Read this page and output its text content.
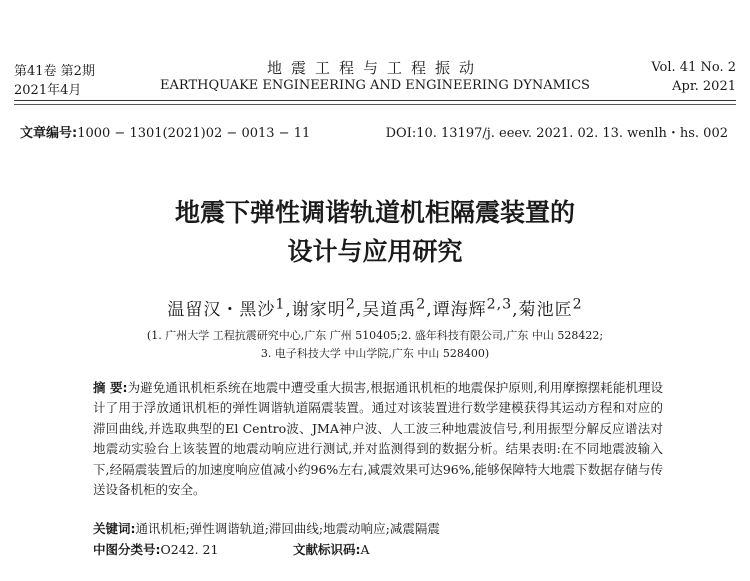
第41卷 第2期
2021年4月
地震工程与工程振动
EARTHQUAKE ENGINEERING AND ENGINEERING DYNAMICS
Vol. 41 No. 2
Apr. 2021
文章编号:1000 − 1301(2021)02 − 0013 − 11	DOI:10. 13197/j. eeev. 2021. 02. 13. wenlh・hs. 002
地震下弹性调谐轨道机柜隔震装置的
设计与应用研究
温留汉・黑沙$^1$,谢家明$^2$,吴道禹$^2$,谭海辉$^{2,3}$,菊池匠$^2$
(1. 广州大学 工程抗震研究中心,广东 广州 510405;2. 盛年科技有限公司,广东 中山 528422;
3. 电子科技大学 中山学院,广东 中山 528400)
摘 要:为避免通讯机柜系统在地震中遭受重大损害,根据通讯机柜的地震保护原则,利用摩擦摆耗能机理设计了用于浮放通讯机柜的弹性调谐轨道隔震装置。通过对该装置进行数学建模获得其运动方程和对应的滞回曲线,并选取典型的El Centro波、JMA神户波、人工波三种地震波信号,利用振型分解反应谱法对地震动实验台上该装置的地震动响应进行测试,并对监测得到的数据分析。结果表明:在不同地震波输入下,经隔震装置后的加速度响应值减小约96%左右,减震效果可达96%,能够保障特大地震下数据存储与传送设备机柜的安全。
关键词:通讯机柜;弹性调谐轨道;滞回曲线;地震动响应;减震隔震
中图分类号:O242. 21	文献标识码:A
